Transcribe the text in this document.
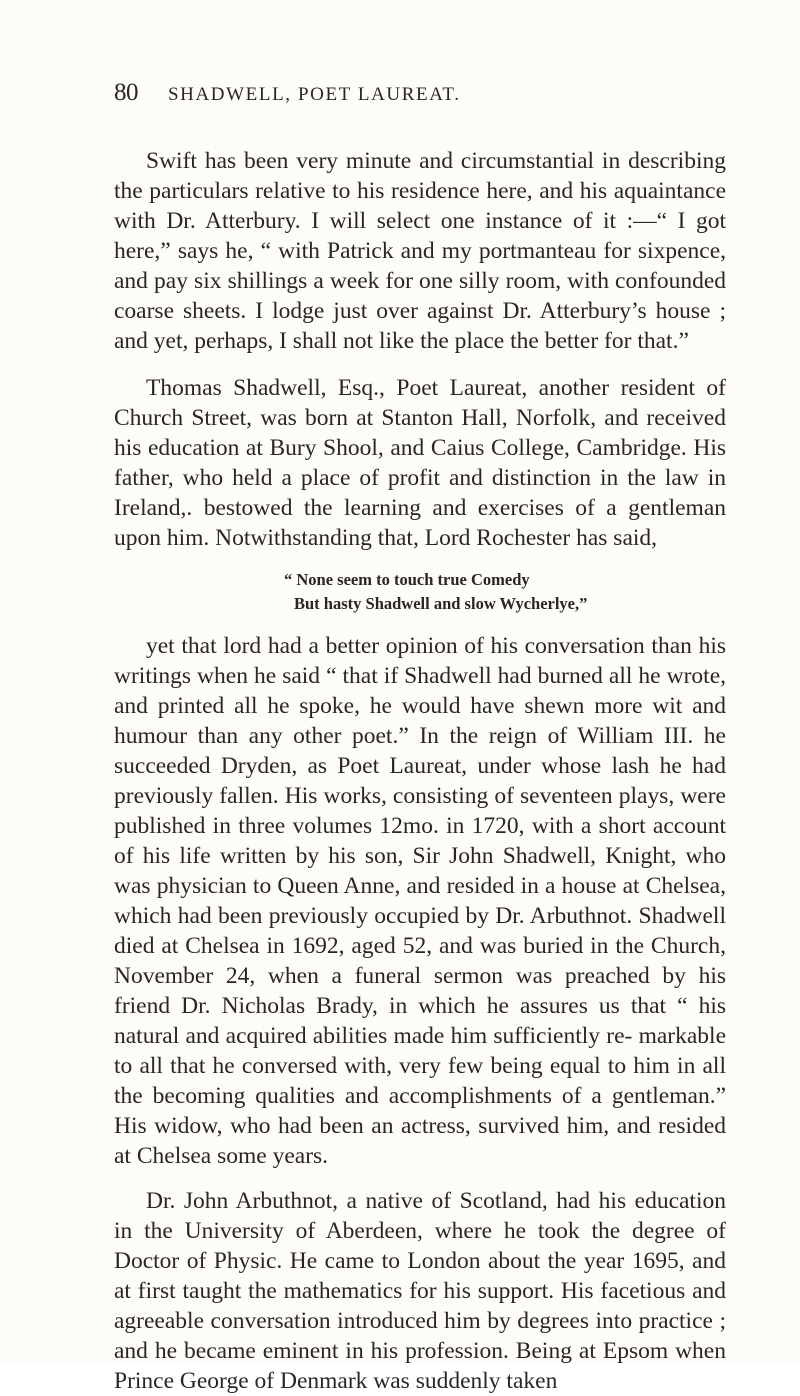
80 SHADWELL, POET LAUREAT.

Swift has been very minute and circumstantial in describing the particulars relative to his residence here, and his aquaintance with Dr. Atterbury. I will select one instance of it :—“ I got here,” says he, “ with Patrick and my portmanteau for sixpence, and pay six shillings a week for one silly room, with confounded coarse sheets. I lodge just over against Dr. Atterbury’s house ; and yet, perhaps, I shall not like the place the better for that.”

Thomas Shadwell, Esq., Poet Laureat, another resident of Church Street, was born at Stanton Hall, Norfolk, and received his education at Bury Shool, and Caius College, Cambridge. His father, who held a place of profit and distinction in the law in Ireland,. bestowed the learning and exercises of a gentleman upon him. Notwithstanding that, Lord Rochester has said,

“ None seem to touch true Comedy
But hasty Shadwell and slow Wycherlye,”

yet that lord had a better opinion of his conversation than his writings when he said “ that if Shadwell had burned all he wrote, and printed all he spoke, he would have shewn more wit and humour than any other poet.” In the reign of William III. he succeeded Dryden, as Poet Laureat, under whose lash he had previously fallen. His works, consisting of seventeen plays, were published in three volumes 12mo. in 1720, with a short account of his life written by his son, Sir John Shadwell, Knight, who was physician to Queen Anne, and resided in a house at Chelsea, which had been previously occupied by Dr. Arbuthnot. Shadwell died at Chelsea in 1692, aged 52, and was buried in the Church, November 24, when a funeral sermon was preached by his friend Dr. Nicholas Brady, in which he assures us that “ his natural and acquired abilities made him sufficiently re- markable to all that he conversed with, very few being equal to him in all the becoming qualities and accomplishments of a gentleman.” His widow, who had been an actress, survived him, and resided at Chelsea some years.

Dr. John Arbuthnot, a native of Scotland, had his education in the University of Aberdeen, where he took the degree of Doctor of Physic. He came to London about the year 1695, and at first taught the mathematics for his support. His facetious and agreeable conversation introduced him by degrees into practice ; and he became eminent in his profession. Being at Epsom when Prince George of Denmark was suddenly taken
